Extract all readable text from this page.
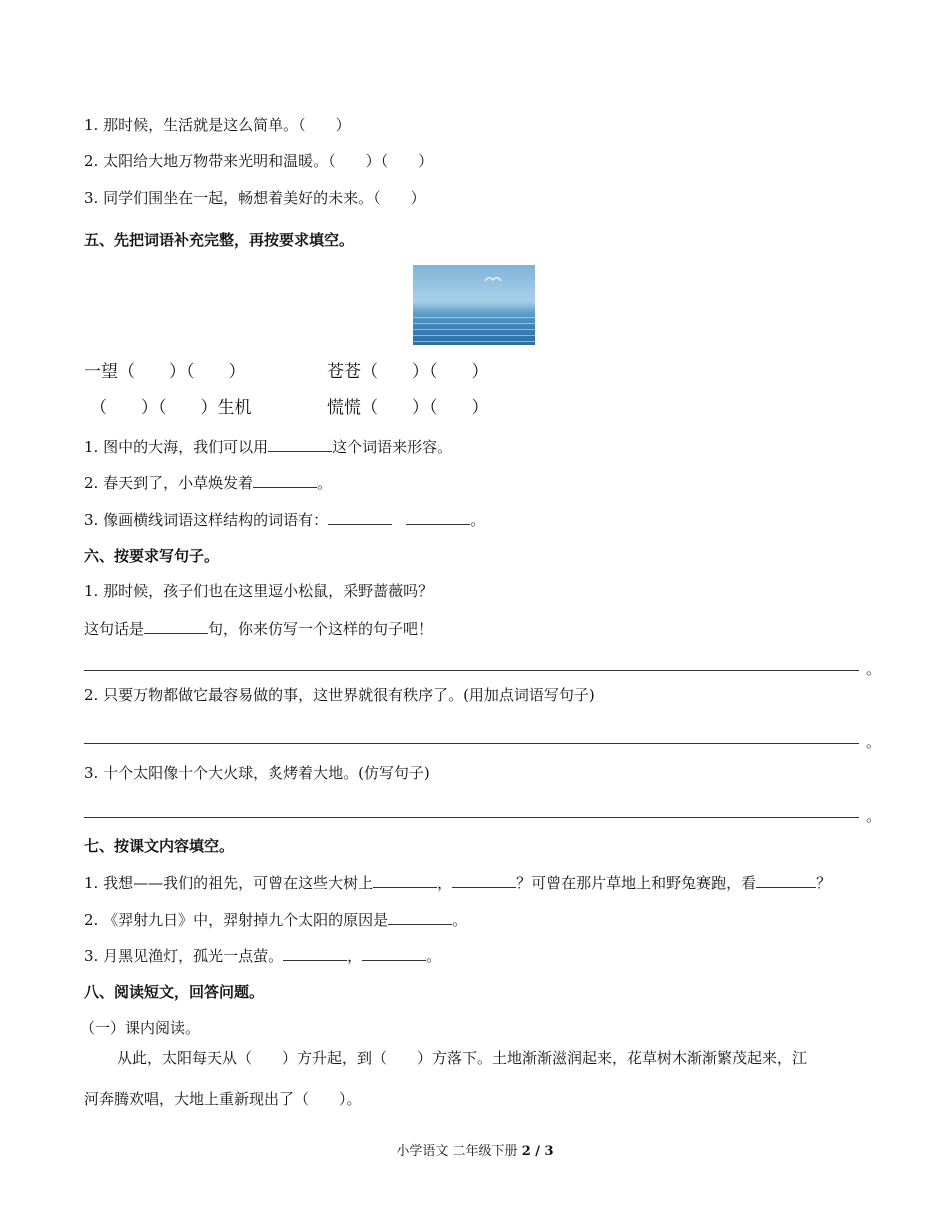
1. 那时候，生活就是这么简单。（　　）
2. 太阳给大地万物带来光明和温暖。（　　）（　　）
3. 同学们围坐在一起，畅想着美好的未来。（　　）
五、先把词语补充完整，再按要求填空。
一望（　　）（　　）	苍苍（　　）（　　）
（　　）（　　）生机	慌慌（　　）（　　）
1. 图中的大海，我们可以用	这个词语来形容。
2. 春天到了，小草焕发着	。
3. 像画横线词语这样结构的词语有：	。
六、按要求写句子。
1. 那时候，孩子们也在这里逗小松鼠，采野蔷薇吗？
这句话是	句，你来仿写一个这样的句子吧！
。
2. 只要万物都做它最容易做的事，这世界就很有秩序了。(用加点词语写句子)
。
3. 十个太阳像十个大火球，炙烤着大地。(仿写句子)
。
七、按课文内容填空。
1. 我想——我们的祖先，可曾在这些大树上	，	？可曾在那片草地上和野兔赛跑，看	？
2. 《羿射九日》中，羿射掉九个太阳的原因是	。
3. 月黑见渔灯，孤光一点萤。	，	。
八、阅读短文，回答问题。
（一）课内阅读。
从此，太阳每天从（　　）方升起，到（　　）方落下。土地渐渐滋润起来，花草树木渐渐繁茂起来，江
河奔腾欢唱，大地上重新现出了（　　）。
小学语文 二年级下册 2 / 3
